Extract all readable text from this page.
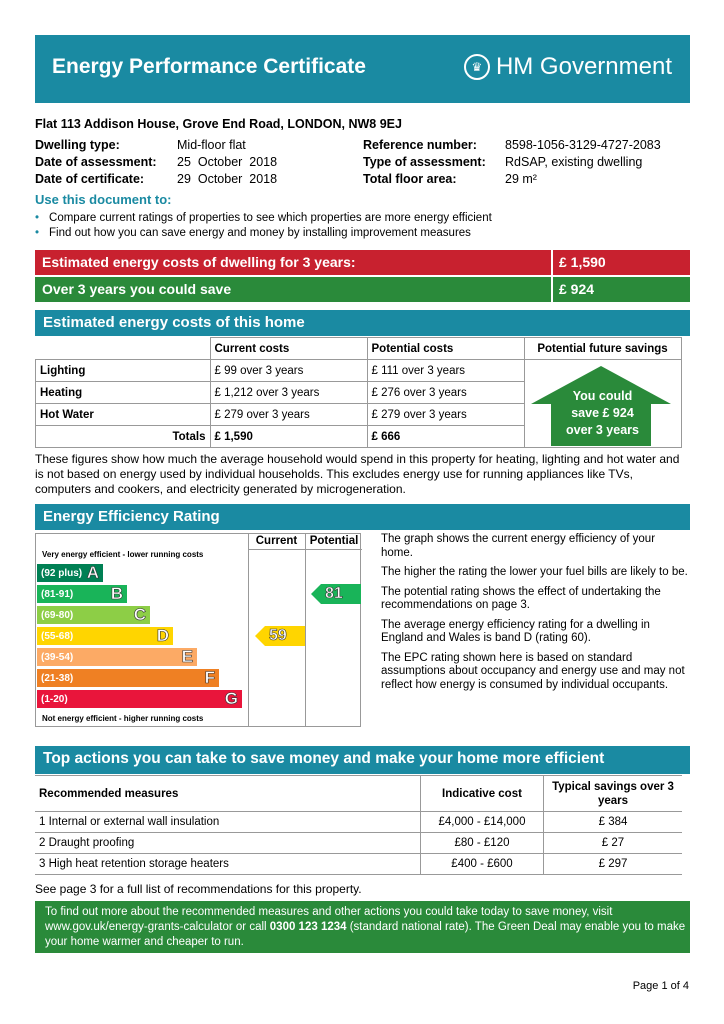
Energy Performance Certificate	♛ HM Government
Flat 113 Addison House, Grove End Road, LONDON, NW8 9EJ
Dwelling type:	Mid-floor flat
Date of assessment: 25  October  2018
Date of certificate:	29  October  2018
Reference number: 8598-1056-3129-4727-2083
Type of assessment: RdSAP, existing dwelling
Total floor area:	29 m²
Use this document to:
• Compare current ratings of properties to see which properties are more energy efficient
• Find out how you can save energy and money by installing improvement measures
Estimated energy costs of dwelling for 3 years:	£ 1,590
Over 3 years you could save	£ 924
Estimated energy costs of this home
	Current costs	Potential costs	Potential future savings
Lighting	£ 99 over 3 years	£ 111 over 3 years	You could
save £ 924
over 3 years

Heating	£ 1,212 over 3 years	£ 276 over 3 years	
Hot Water	£ 279 over 3 years	£ 279 over 3 years	
Totals	£ 1,590	£ 666	
These figures show how much the average household would spend in this property for heating, lighting and hot water and is not based on energy used by individual households. This excludes energy use for running appliances like TVs, computers and cookers, and electricity generated by microgeneration.
Energy Efficiency Rating
Current	Potential
Very energy efficient - lower running costs
Not energy efficient - higher running costs
(92 plus) A
(81-91) B
(69-80)	C
(55-68)	D
(39-54)	E
(21-38)	F
(1-20)	G
59
81
The graph shows the current energy efficiency of your home.
The higher the rating the lower your fuel bills are likely to be.
The potential rating shows the effect of undertaking the recommendations on page 3.
The average energy efficiency rating for a dwelling in England and Wales is band D (rating 60).
The EPC rating shown here is based on standard assumptions about occupancy and energy use and may not reflect how energy is consumed by individual occupants.
Top actions you can take to save money and make your home more efficient
Recommended measures	Indicative cost	Typical savings over 3 years
1 Internal or external wall insulation	£4,000 - £14,000	£ 384
2 Draught proofing	£80 - £120	£ 27
3 High heat retention storage heaters	£400 - £600	£ 297
See page 3 for a full list of recommendations for this property.
To find out more about the recommended measures and other actions you could take today to save money, visit www.gov.uk/energy-grants-calculator or call 0300 123 1234 (standard national rate). The Green Deal may enable you to make your home warmer and cheaper to run.
Page 1 of 4
